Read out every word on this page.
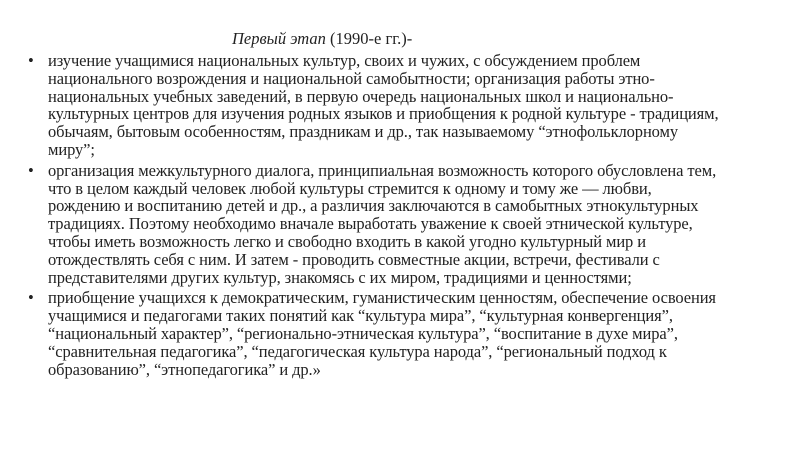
Первый этап (1990-е гг.)-
• изучение учащимися национальных культур, своих и чужих, с обсуждением проблем национального возрождения и национальной самобытности; организация работы этно-национальных учебных заведений, в первую очередь национальных школ и национально-культурных центров для изучения родных языков и приобщения к родной культуре - традициям, обычаям, бытовым особенностям, праздникам и др., так называемому “этнофольклорному миру”;
• организация межкультурного диалога, принципиальная возможность которого обусловлена тем, что в целом каждый человек любой культуры стремится к одному и тому же — любви, рождению и воспитанию детей и др., а различия заключаются в самобытных этнокультурных традициях. Поэтому необходимо вначале выработать уважение к своей этнической культуре, чтобы иметь возможность легко и свободно входить в какой угодно культурный мир и отождествлять себя с ним. И затем - проводить совместные акции, встречи, фестивали с представителями других культур, знакомясь с их миром, традициями и ценностями;
• приобщение учащихся к демократическим, гуманистическим ценностям, обеспечение освоения учащимися и педагогами таких понятий как “культура мира”, “культурная конвергенция”, “национальный характер”, “регионально-этническая культура”, “воспитание в духе мира”, “сравнительная педагогика”, “педагогическая культура народа”, “региональный подход к образованию”, “этнопедагогика” и др.»
